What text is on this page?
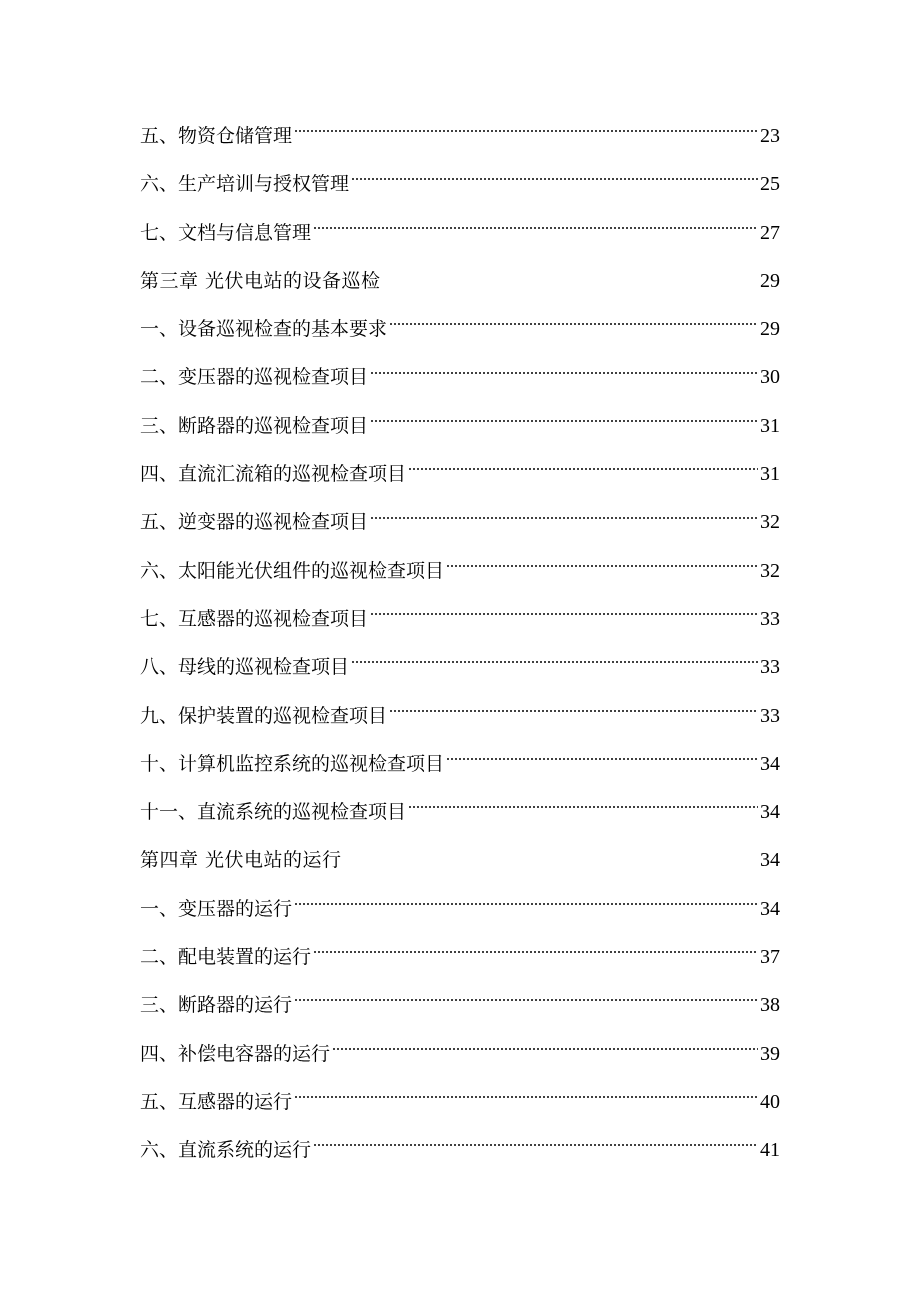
五、物资仓储管理	23
六、生产培训与授权管理	25
七、文档与信息管理	27
第三章 光伏电站的设备巡检	29
一、设备巡视检查的基本要求	29
二、变压器的巡视检查项目	30
三、断路器的巡视检查项目	31
四、直流汇流箱的巡视检查项目	31
五、逆变器的巡视检查项目	32
六、太阳能光伏组件的巡视检查项目	32
七、互感器的巡视检查项目	33
八、母线的巡视检查项目	33
九、保护装置的巡视检查项目	33
十、计算机监控系统的巡视检查项目	34
十一、直流系统的巡视检查项目	34
第四章 光伏电站的运行	34
一、变压器的运行	34
二、配电装置的运行	37
三、断路器的运行	38
四、补偿电容器的运行	39
五、互感器的运行	40
六、直流系统的运行	41
